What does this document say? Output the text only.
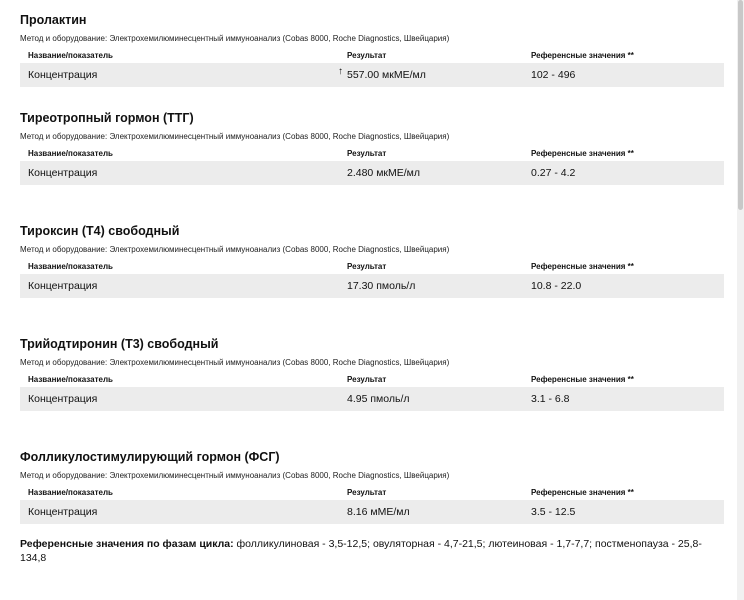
Пролактин
Метод и оборудование: Электрохемилюминесцентный иммуноанализ (Cobas 8000, Roche Diagnostics, Швейцария)
Название/показатель	Результат	Референсные значения **
Концентрация	↑ 557.00 мкМЕ/мл	102 - 496
Тиреотропный гормон (ТТГ)
Метод и оборудование: Электрохемилюминесцентный иммуноанализ (Cobas 8000, Roche Diagnostics, Швейцария)
Название/показатель	Результат	Референсные значения **
Концентрация	2.480 мкМЕ/мл	0.27 - 4.2
Тироксин (Т4) свободный
Метод и оборудование: Электрохемилюминесцентный иммуноанализ (Cobas 8000, Roche Diagnostics, Швейцария)
Название/показатель	Результат	Референсные значения **
Концентрация	17.30 пмоль/л	10.8 - 22.0
Трийодтиронин (Т3) свободный
Метод и оборудование: Электрохемилюминесцентный иммуноанализ (Cobas 8000, Roche Diagnostics, Швейцария)
Название/показатель	Результат	Референсные значения **
Концентрация	4.95 пмоль/л	3.1 - 6.8
Фолликулостимулирующий гормон (ФСГ)
Метод и оборудование: Электрохемилюминесцентный иммуноанализ (Cobas 8000, Roche Diagnostics, Швейцария)
Название/показатель	Результат	Референсные значения **
Концентрация	8.16 мМЕ/мл	3.5 - 12.5
Референсные значения по фазам цикла: фолликулиновая - 3,5-12,5; овуляторная - 4,7-21,5; лютеиновая - 1,7-7,7; постменопауза - 25,8-134,8
